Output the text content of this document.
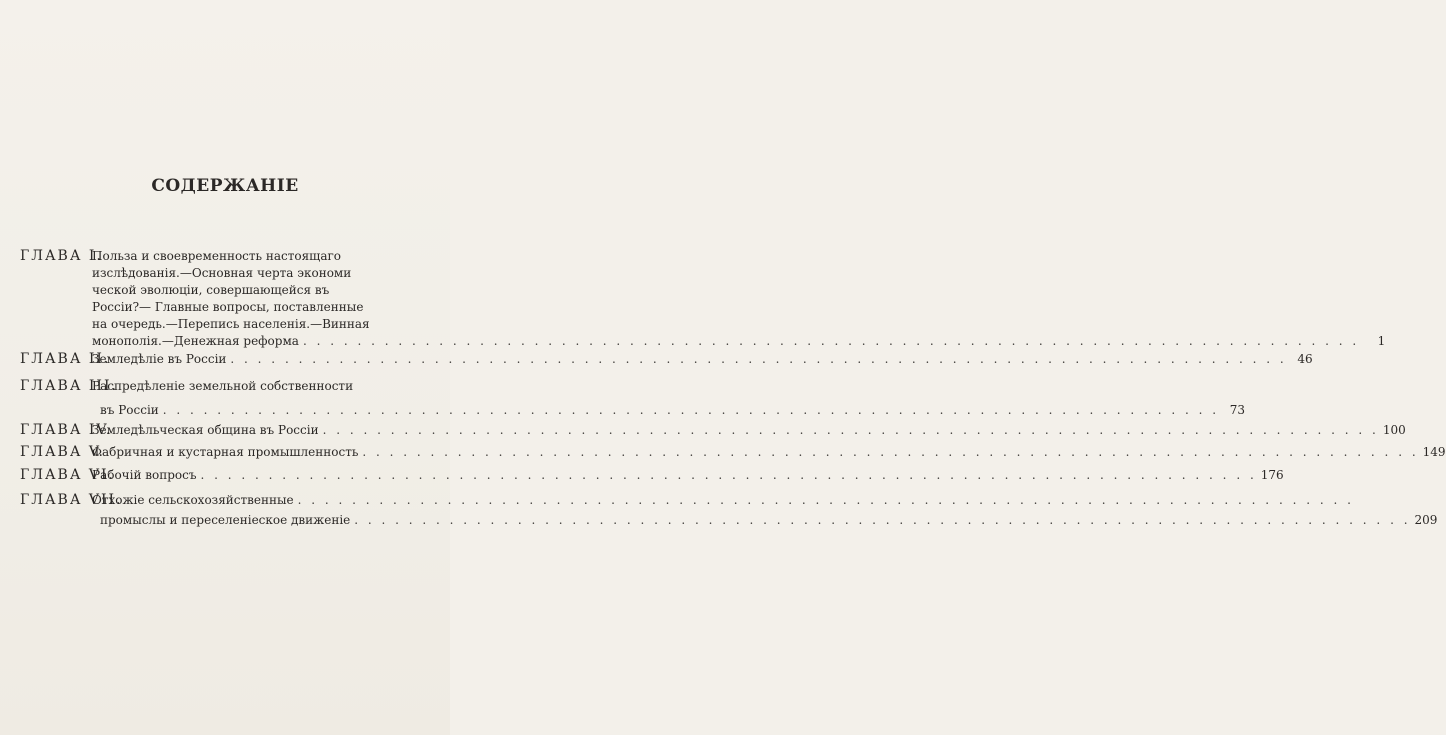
СОДЕРЖАНІЕ
ГЛАВА I.
Польза и своевременность настоящаго
изслѣдованія.—Основная черта экономи
ческой эволюціи, совершающейся въ
Россіи?— Главные вопросы, поставленные
на очередь.—Перепись населенія.—Винная
монополія.—Денежная реформа . . . . . . . . . . . . . . . . . . . . . . . . . . . . . . . . . . . . . . . . . . . . . . . . . . . . . . . . . . . . . . . . . . . . . . . . . . . . . .	1
ГЛАВА II.
Земледѣліе въ Россіи . . . . . . . . . . . . . . . . . . . . . . . . . . . . . . . . . . . . . . . . . . . . . . . . . . . . . . . . . . . . . . . . . . . . . . . . . . . . . . 46
ГЛАВА III.
Распредѣленіе земельной собственности
въ Россіи . . . . . . . . . . . . . . . . . . . . . . . . . . . . . . . . . . . . . . . . . . . . . . . . . . . . . . . . . . . . . . . . . . . . . . . . . . . . . . 73
ГЛАВА IV.
Земледѣльческая община въ Россіи . . . . . . . . . . . . . . . . . . . . . . . . . . . . . . . . . . . . . . . . . . . . . . . . . . . . . . . . . . . . . . . . . . . . . . . . . . . . . . 100
ГЛАВА V.
Фабричная и кустарная промышленность . . . . . . . . . . . . . . . . . . . . . . . . . . . . . . . . . . . . . . . . . . . . . . . . . . . . . . . . . . . . . . . . . . . . . . . . . . . . . . 149
ГЛАВА VI.
Рабочій вопросъ . . . . . . . . . . . . . . . . . . . . . . . . . . . . . . . . . . . . . . . . . . . . . . . . . . . . . . . . . . . . . . . . . . . . . . . . . . . . . . 176
ГЛАВА VII.
Отхожіе сельскохозяйственные . . . . . . . . . . . . . . . . . . . . . . . . . . . . . . . . . . . . . . . . . . . . . . . . . . . . . . . . . . . . . . . . . . . . . . . . . . . . . .
промыслы и переселеніеское движеніе . . . . . . . . . . . . . . . . . . . . . . . . . . . . . . . . . . . . . . . . . . . . . . . . . . . . . . . . . . . . . . . . . . . . . . . . . . . . . . 209
